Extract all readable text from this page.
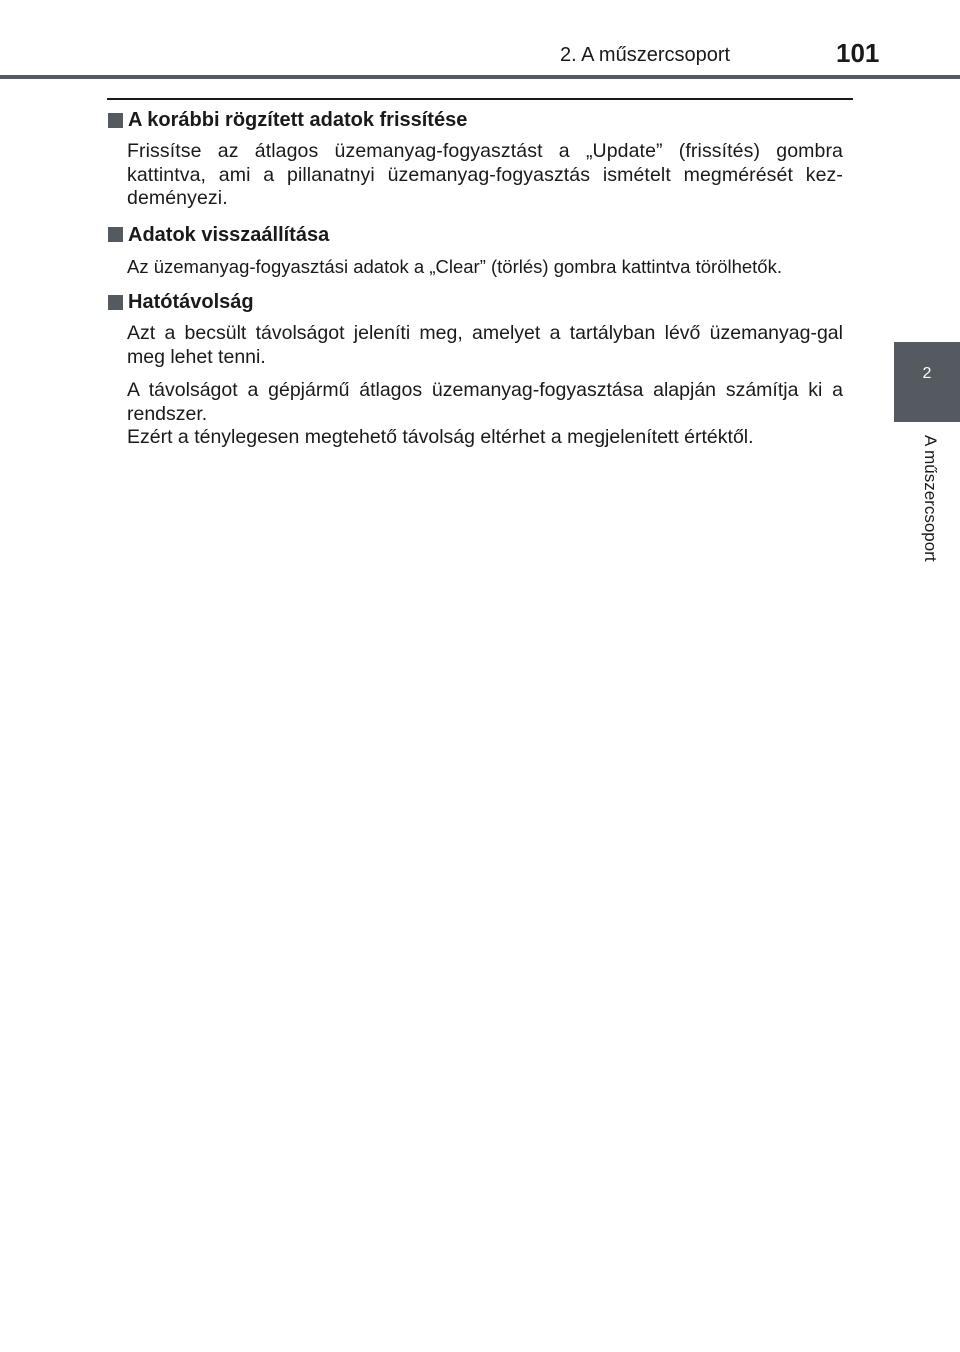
2. A műszercsoport	101
2
A műszercsoport
A korábbi rögzített adatok frissítése

Frissítse az átlagos üzemanyag-fogyasztást a „Update” (frissítés) gombra kattintva, ami a pillanatnyi üzemanyag-fogyasztás ismételt megmérését kez-deményezi.

Adatok visszaállítása

Az üzemanyag-fogyasztási adatok a „Clear” (törlés) gombra kattintva törölhetők.

Hatótávolság

Azt a becsült távolságot jeleníti meg, amelyet a tartályban lévő üzemanyag-gal meg lehet tenni.

A távolságot a gépjármű átlagos üzemanyag-fogyasztása alapján számítja ki a rendszer.

Ezért a ténylegesen megtehető távolság eltérhet a megjelenített értéktől.
